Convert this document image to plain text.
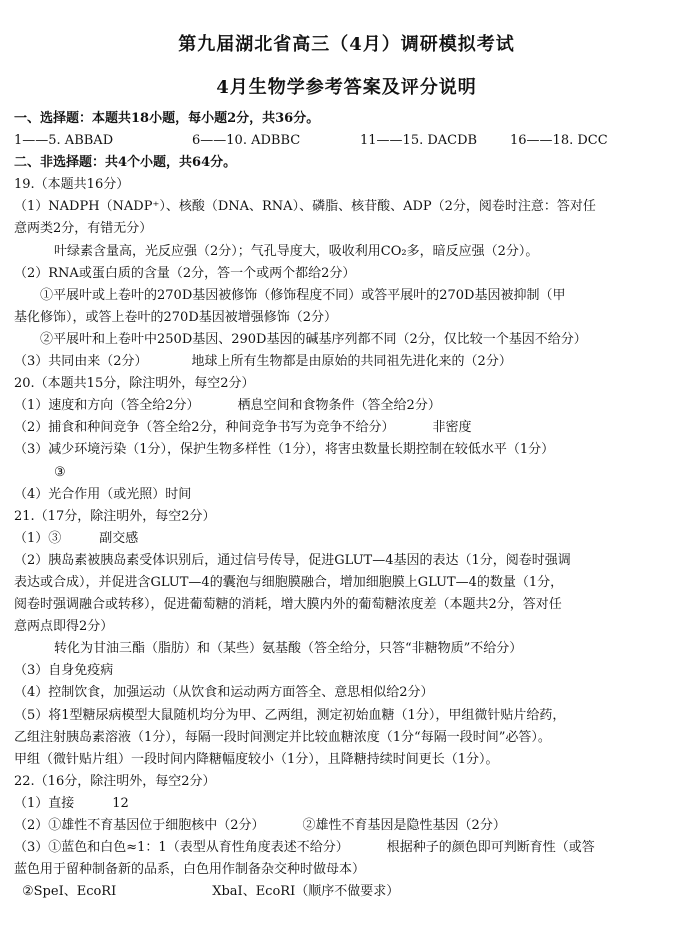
第九届湖北省高三（4月）调研模拟考试
4月生物学参考答案及评分说明
一、选择题：本题共18小题，每小题2分，共36分。
1——5. ABBAD	6——10. ADBBC	11——15. DACDB	16——18. DCC
二、非选择题：共4个小题，共64分。
19.（本题共16分）
（1）NADPH（NADP⁺）、核酸（DNA、RNA）、磷脂、核苷酸、ADP（2分，阅卷时注意：答对任
意两类2分，有错无分）
叶绿素含量高，光反应强（2分）；气孔导度大，吸收利用CO₂多，暗反应强（2分）。
（2）RNA或蛋白质的含量（2分，答一个或两个都给2分）
①平展叶或上卷叶的270D基因被修饰（修饰程度不同）或答平展叶的270D基因被抑制（甲
基化修饰），或答上卷叶的270D基因被增强修饰（2分）
②平展叶和上卷叶中250D基因、290D基因的碱基序列都不同（2分，仅比较一个基因不给分）
（3）共同由来（2分）	地球上所有生物都是由原始的共同祖先进化来的（2分）
20.（本题共15分，除注明外，每空2分）
（1）速度和方向（答全给2分）	栖息空间和食物条件（答全给2分）
（2）捕食和种间竞争（答全给2分，种间竞争书写为竞争不给分）	非密度
（3）减少环境污染（1分），保护生物多样性（1分），将害虫数量长期控制在较低水平（1分）
③
（4）光合作用（或光照）时间
21.（17分，除注明外，每空2分）
（1）③	副交感
（2）胰岛素被胰岛素受体识别后，通过信号传导，促进GLUT—4基因的表达（1分，阅卷时强调
表达或合成），并促进含GLUT—4的囊泡与细胞膜融合，增加细胞膜上GLUT—4的数量（1分，
阅卷时强调融合或转移），促进葡萄糖的消耗，增大膜内外的葡萄糖浓度差（本题共2分，答对任
意两点即得2分）
转化为甘油三酯（脂肪）和（某些）氨基酸（答全给分，只答“非糖物质”不给分）
（3）自身免疫病
（4）控制饮食，加强运动（从饮食和运动两方面答全、意思相似给2分）
（5）将1型糖尿病模型大鼠随机均分为甲、乙两组，测定初始血糖（1分），甲组微针贴片给药，
乙组注射胰岛素溶液（1分），每隔一段时间测定并比较血糖浓度（1分“每隔一段时间”必答）。
甲组（微针贴片组）一段时间内降糖幅度较小（1分），且降糖持续时间更长（1分）。
22.（16分，除注明外，每空2分）
（1）直接	12
（2）①雄性不育基因位于细胞核中（2分）	②雄性不育基因是隐性基因（2分）
（3）①蓝色和白色≈1：1（表型从育性角度表述不给分）	根据种子的颜色即可判断育性（或答
蓝色用于留种制备新的品系，白色用作制备杂交种时做母本）
②SpeⅠ、EcoRⅠ	XbaⅠ、EcoRⅠ（顺序不做要求）
